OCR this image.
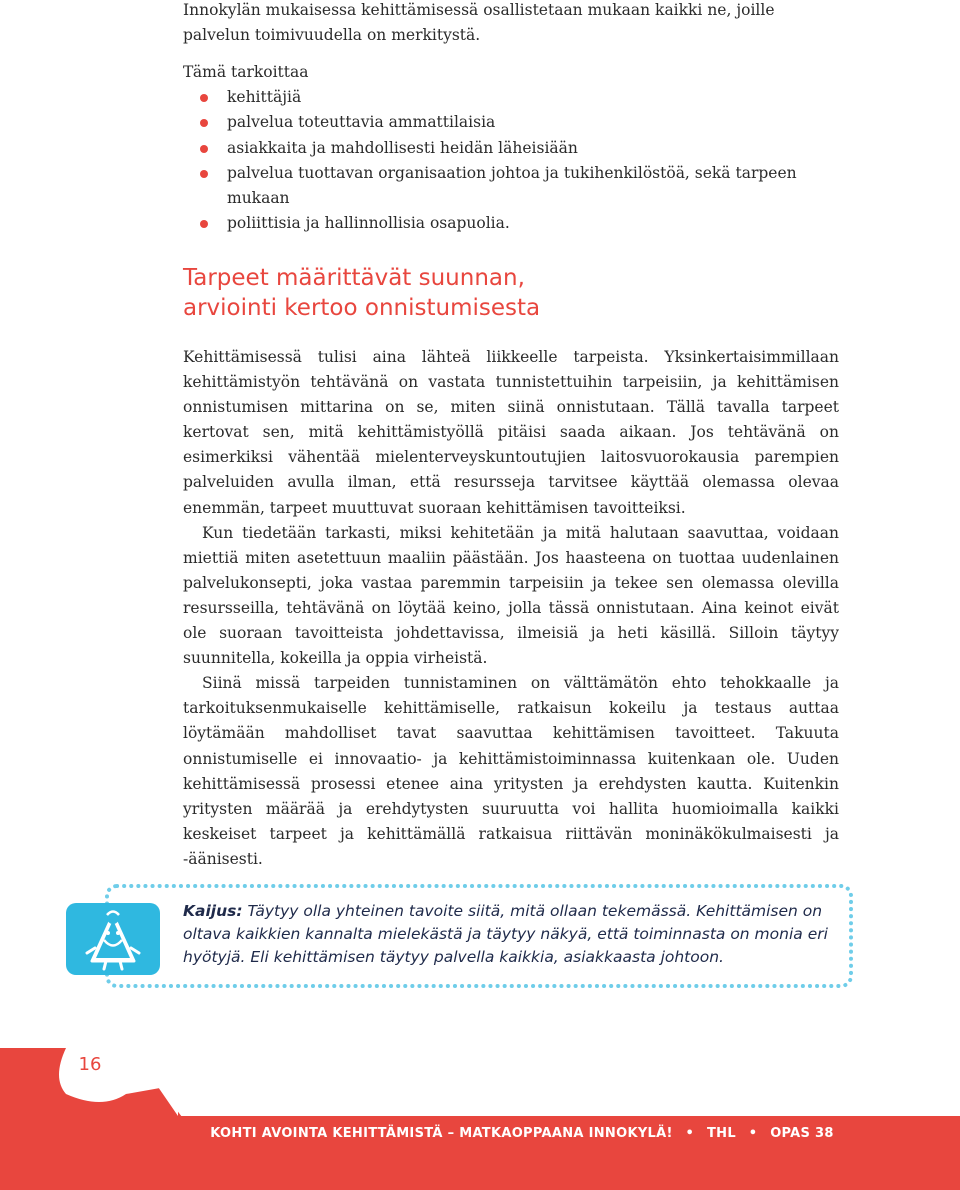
Innokylän mukaisessa kehittämisessä osallistetaan mukaan kaikki ne, joille palvelun toimivuudella on merkitystä.

Tämä tarkoittaa

kehittäjiä
palvelua toteuttavia ammattilaisia
asiakkaita ja mahdollisesti heidän läheisiään
palvelua tuottavan organisaation johtoa ja tukihenkilöstöä, sekä tarpeen mukaan
poliittisia ja hallinnollisia osapuolia.
Tarpeet määrittävät suunnan,
arviointi kertoo onnistumisesta

Kehittämisessä tulisi aina lähteä liikkeelle tarpeista. Yksinkertaisimmillaan kehittämistyön tehtävänä on vastata tunnistettuihin tarpeisiin, ja kehittämisen onnistumisen mittarina on se, miten siinä onnistutaan. Tällä tavalla tarpeet kertovat sen, mitä kehittämistyöllä pitäisi saada aikaan. Jos tehtävänä on esimerkiksi vähentää mielenterveyskuntoutujien laitosvuorokausia parempien palveluiden avulla ilman, että resursseja tarvitsee käyttää olemassa olevaa enemmän, tarpeet muuttuvat suoraan kehittämisen tavoitteiksi.

Kun tiedetään tarkasti, miksi kehitetään ja mitä halutaan saavuttaa, voidaan miettiä miten asetettuun maaliin päästään. Jos haasteena on tuottaa uudenlainen palvelukonsepti, joka vastaa paremmin tarpeisiin ja tekee sen olemassa olevilla resursseilla, tehtävänä on löytää keino, jolla tässä onnistutaan. Aina keinot eivät ole suoraan tavoitteista johdettavissa, ilmeisiä ja heti käsillä. Silloin täytyy suunnitella, kokeilla ja oppia virheistä.

Siinä missä tarpeiden tunnistaminen on välttämätön ehto tehokkaalle ja tarkoituksenmukaiselle kehittämiselle, ratkaisun kokeilu ja testaus auttaa löytämään mahdolliset tavat saavuttaa kehittämisen tavoitteet. Takuuta onnistumiselle ei innovaatio- ja kehittämistoiminnassa kuitenkaan ole. Uuden kehittämisessä prosessi etenee aina yritysten ja erehdysten kautta. Kuitenkin yritysten määrää ja erehdytysten suuruutta voi hallita huomioimalla kaikki keskeiset tarpeet ja kehittämällä ratkaisua riittävän moninäkökulmaisesti ja -äänisesti.

Kaijus: Täytyy olla yhteinen tavoite siitä, mitä ollaan tekemässä. Kehittämisen on oltava kaikkien kannalta mielekästä ja täytyy näkyä, että toiminnasta on monia eri hyötyjä. Eli kehittämisen täytyy palvella kaikkia, asiakkaasta johtoon.
16
KOHTI AVOINTA KEHITTÄMISTÄ – MATKAOPPAANA INNOKYLÄ! • THL • OPAS 38
